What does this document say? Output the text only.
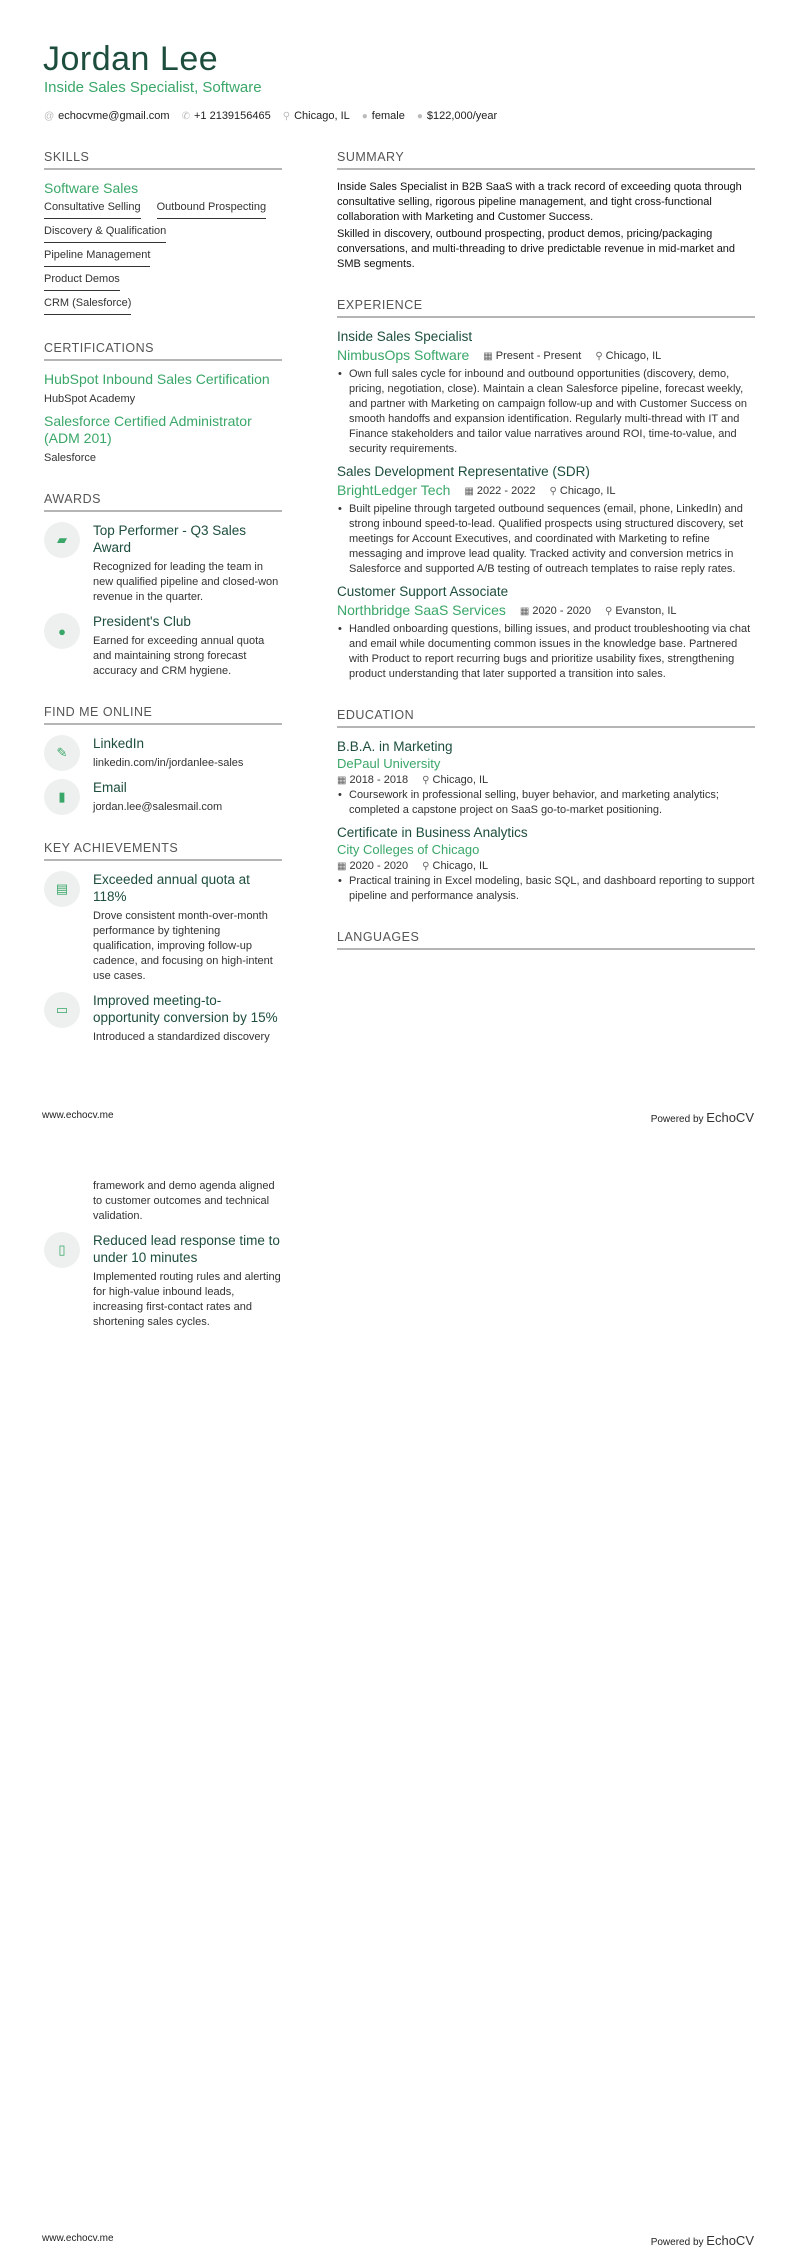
Jordan Lee
Inside Sales Specialist, Software
@ echocvme@gmail.com ✆ +1 2139156465 ⚲ Chicago, IL ● female ● $122,000/year
SKILLS
Software Sales
Consultative Selling Outbound Prospecting
Discovery & Qualification
Pipeline Management
Product Demos
CRM (Salesforce)
CERTIFICATIONS
HubSpot Inbound Sales Certification
HubSpot Academy
Salesforce Certified Administrator (ADM 201)
Salesforce
AWARDS
▰
Top Performer - Q3 Sales Award
Recognized for leading the team in new qualified pipeline and closed-won revenue in the quarter.
●
President's Club
Earned for exceeding annual quota and maintaining strong forecast accuracy and CRM hygiene.
FIND ME ONLINE
✎
LinkedIn
linkedin.com/in/jordanlee-sales
▮
Email
jordan.lee@salesmail.com
KEY ACHIEVEMENTS
▤
Exceeded annual quota at 118%
Drove consistent month-over-month performance by tightening qualification, improving follow-up cadence, and focusing on high-intent use cases.
▭
Improved meeting-to-opportunity conversion by 15%
Introduced a standardized discovery
SUMMARY
Inside Sales Specialist in B2B SaaS with a track record of exceeding quota through consultative selling, rigorous pipeline management, and tight cross-functional collaboration with Marketing and Customer Success.
Skilled in discovery, outbound prospecting, product demos, pricing/packaging conversations, and multi-threading to drive predictable revenue in mid-market and SMB segments.
EXPERIENCE
Inside Sales Specialist
NimbusOps Software ▦ Present - Present ⚲ Chicago, IL
• Own full sales cycle for inbound and outbound opportunities (discovery, demo, pricing, negotiation, close). Maintain a clean Salesforce pipeline, forecast weekly, and partner with Marketing on campaign follow-up and with Customer Success on smooth handoffs and expansion identification. Regularly multi-thread with IT and Finance stakeholders and tailor value narratives around ROI, time-to-value, and security requirements.
Sales Development Representative (SDR)
BrightLedger Tech ▦ 2022 - 2022 ⚲ Chicago, IL
• Built pipeline through targeted outbound sequences (email, phone, LinkedIn) and strong inbound speed-to-lead. Qualified prospects using structured discovery, set meetings for Account Executives, and coordinated with Marketing to refine messaging and improve lead quality. Tracked activity and conversion metrics in Salesforce and supported A/B testing of outreach templates to raise reply rates.
Customer Support Associate
Northbridge SaaS Services ▦ 2020 - 2020 ⚲ Evanston, IL
• Handled onboarding questions, billing issues, and product troubleshooting via chat and email while documenting common issues in the knowledge base. Partnered with Product to report recurring bugs and prioritize usability fixes, strengthening product understanding that later supported a transition into sales.
EDUCATION
B.B.A. in Marketing
DePaul University
▦ 2018 - 2018 ⚲ Chicago, IL
• Coursework in professional selling, buyer behavior, and marketing analytics; completed a capstone project on SaaS go-to-market positioning.
Certificate in Business Analytics
City Colleges of Chicago
▦ 2020 - 2020 ⚲ Chicago, IL
• Practical training in Excel modeling, basic SQL, and dashboard reporting to support pipeline and performance analysis.
LANGUAGES
www.echocv.me	Powered by EchoCV
framework and demo agenda aligned to customer outcomes and technical validation.
▯
Reduced lead response time to under 10 minutes
Implemented routing rules and alerting for high-value inbound leads, increasing first-contact rates and shortening sales cycles.
www.echocv.me	Powered by EchoCV
